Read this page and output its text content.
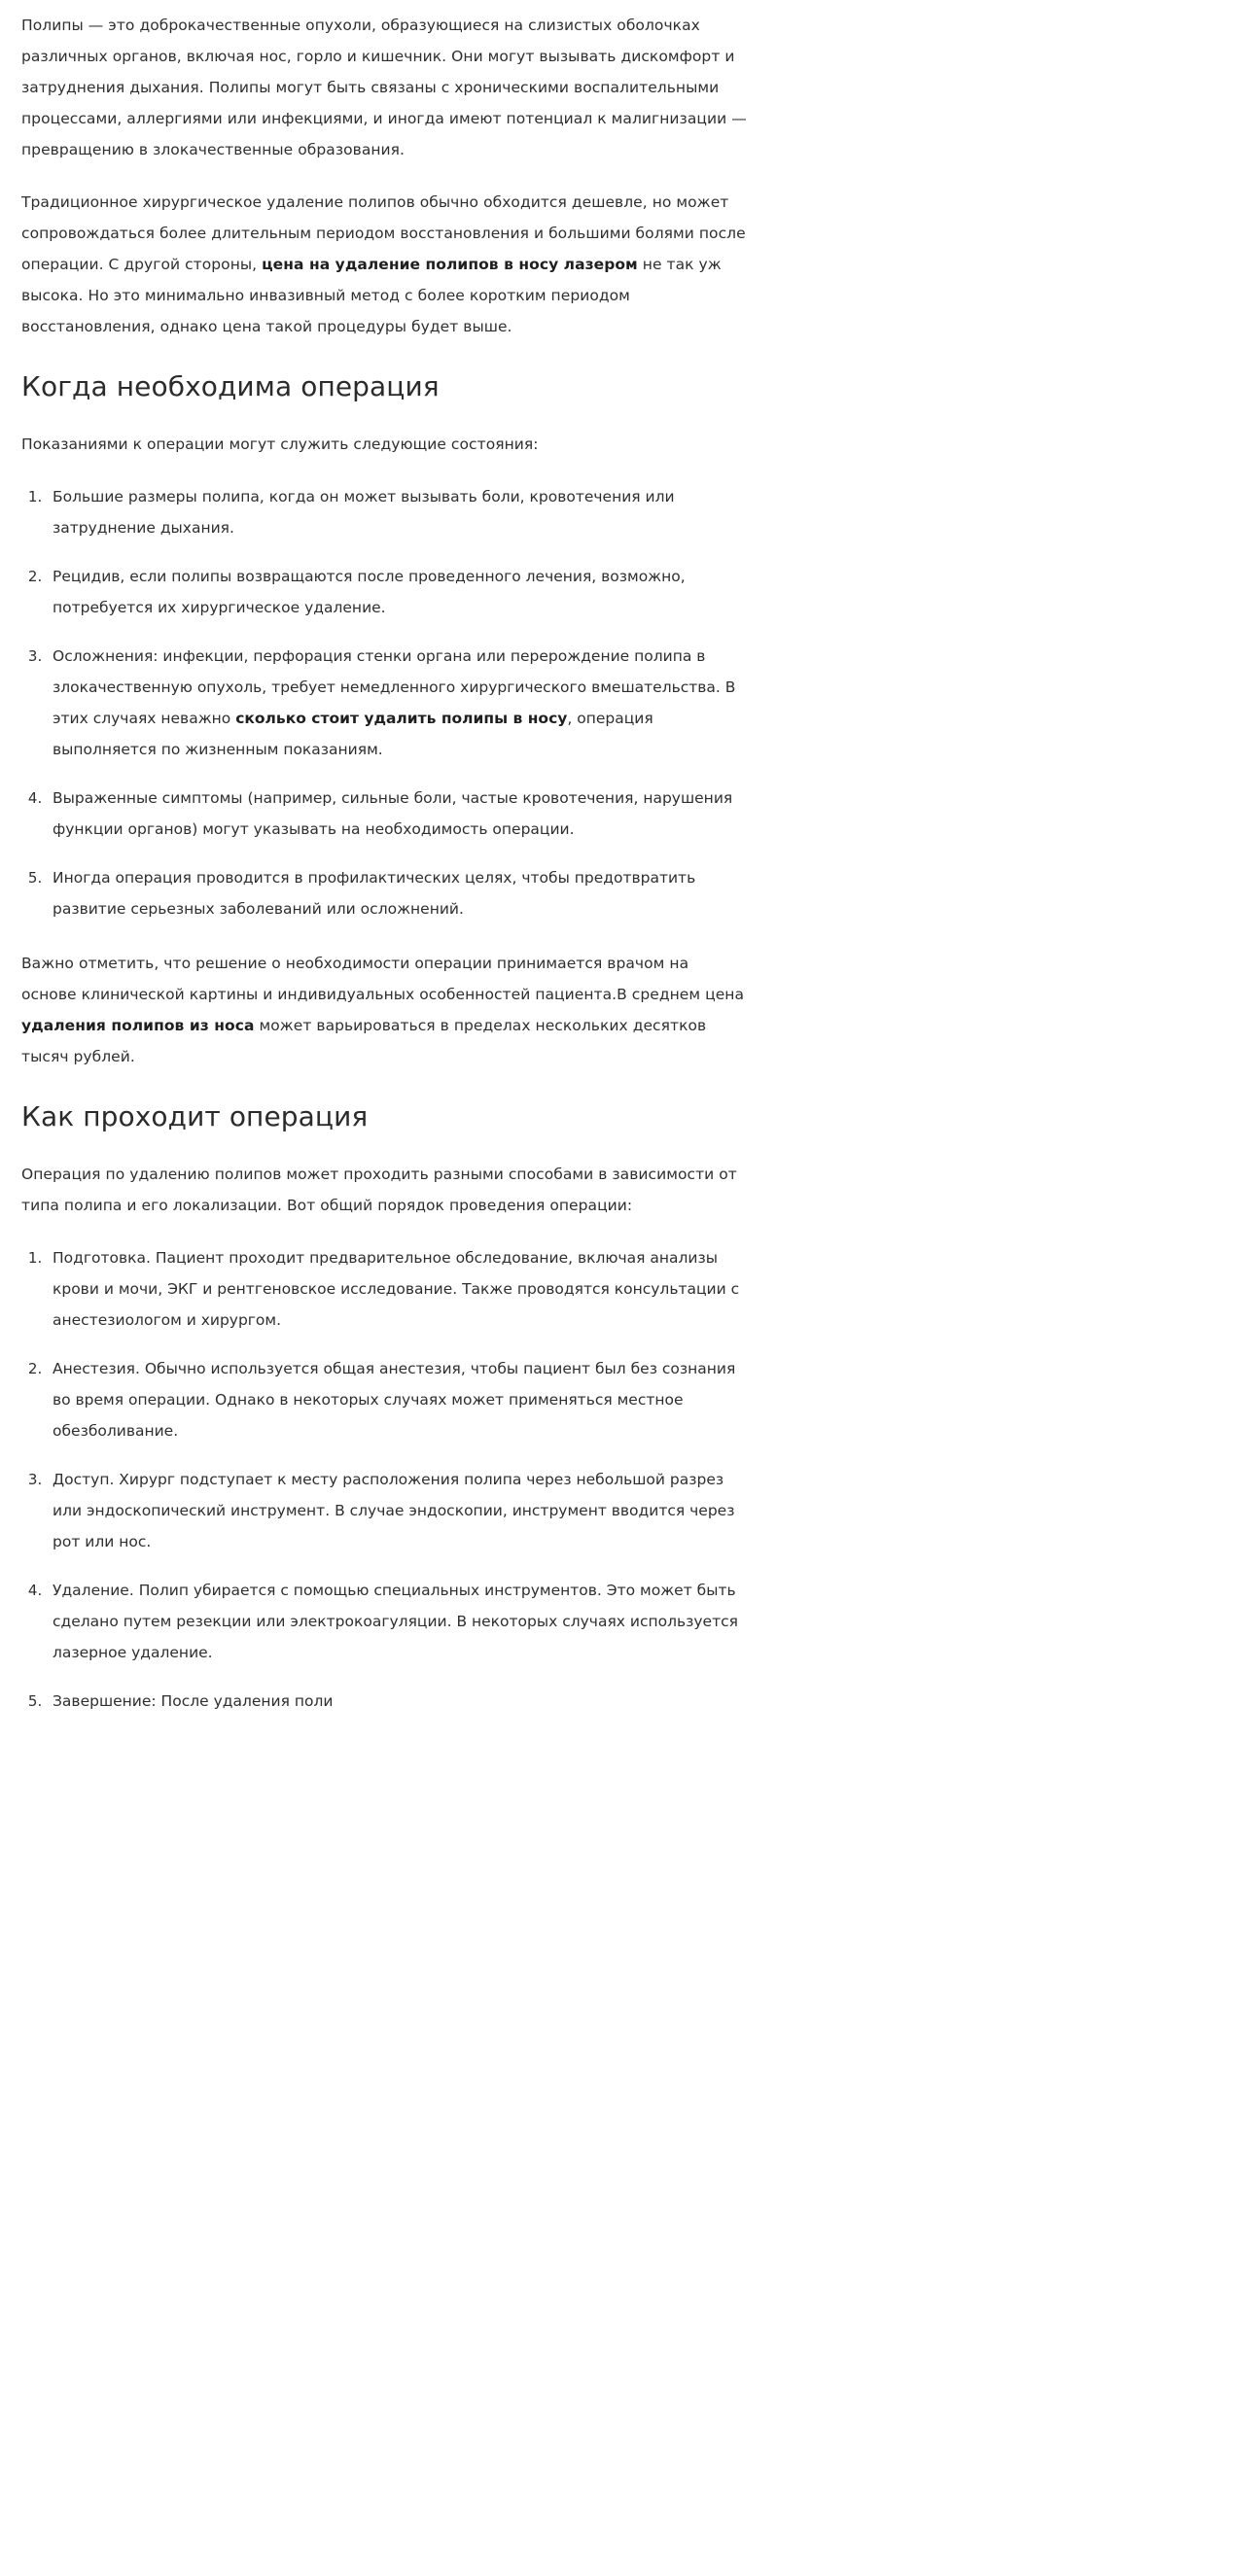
Полипы — это доброкачественные опухоли, образующиеся на слизистых оболочках различных органов, включая нос, горло и кишечник. Они могут вызывать дискомфорт и затруднения дыхания. Полипы могут быть связаны с хроническими воспалительными процессами, аллергиями или инфекциями, и иногда имеют потенциал к малигнизации — превращению в злокачественные образования.

Традиционное хирургическое удаление полипов обычно обходится дешевле, но может сопровождаться более длительным периодом восстановления и большими болями после операции. С другой стороны, цена на удаление полипов в носу лазером не так уж высока. Но это минимально инвазивный метод с более коротким периодом восстановления, однако цена такой процедуры будет выше.

Когда необходима операция

Показаниями к операции могут служить следующие состояния:

1. Большие размеры полипа, когда он может вызывать боли, кровотечения или затруднение дыхания.
2. Рецидив, если полипы возвращаются после проведенного лечения, возможно, потребуется их хирургическое удаление.
3. Осложнения: инфекции, перфорация стенки органа или перерождение полипа в злокачественную опухоль, требует немедленного хирургического вмешательства. В этих случаях неважно сколько стоит удалить полипы в носу, операция выполняется по жизненным показаниям.
4. Выраженные симптомы (например, сильные боли, частые кровотечения, нарушения функции органов) могут указывать на необходимость операции.
5. Иногда операция проводится в профилактических целях, чтобы предотвратить развитие серьезных заболеваний или осложнений.

Важно отметить, что решение о необходимости операции принимается врачом на основе клинической картины и индивидуальных особенностей пациента.В среднем цена удаления полипов из носа может варьироваться в пределах нескольких десятков тысяч рублей.

Как проходит операция

Операция по удалению полипов может проходить разными способами в зависимости от типа полипа и его локализации. Вот общий порядок проведения операции:

1. Подготовка. Пациент проходит предварительное обследование, включая анализы крови и мочи, ЭКГ и рентгеновское исследование. Также проводятся консультации с анестезиологом и хирургом.
2. Анестезия. Обычно используется общая анестезия, чтобы пациент был без сознания во время операции. Однако в некоторых случаях может применяться местное обезболивание.
3. Доступ. Хирург подступает к месту расположения полипа через небольшой разрез или эндоскопический инструмент. В случае эндоскопии, инструмент вводится через рот или нос.
4. Удаление. Полип убирается с помощью специальных инструментов. Это может быть сделано путем резекции или электрокоагуляции. В некоторых случаях используется лазерное удаление.
5. Завершение: После удаления поли
